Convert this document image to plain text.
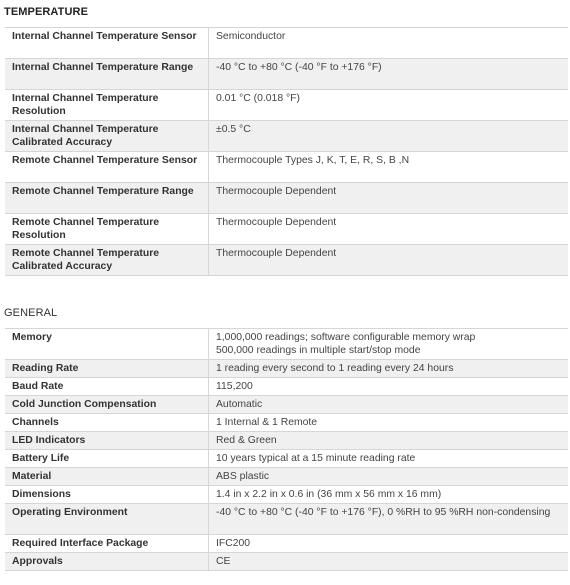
TEMPERATURE
Internal Channel Temperature Sensor	Semiconductor
Internal Channel Temperature Range	-40 °C to +80 °C (-40 °F to +176 °F)
Internal Channel Temperature Resolution	0.01 °C (0.018 °F)
Internal Channel Temperature Calibrated Accuracy	±0.5 °C
Remote Channel Temperature Sensor	Thermocouple Types J, K, T, E, R, S, B ,N
Remote Channel Temperature Range	Thermocouple Dependent
Remote Channel Temperature Resolution	Thermocouple Dependent
Remote Channel Temperature Calibrated Accuracy	Thermocouple Dependent
GENERAL
Memory	1,000,000 readings; software configurable memory wrap
500,000 readings in multiple start/stop mode

Reading Rate	1 reading every second to 1 reading every 24 hours
Baud Rate	115,200
Cold Junction Compensation	Automatic
Channels	1 Internal & 1 Remote
LED Indicators	Red & Green
Battery Life	10 years typical at a 15 minute reading rate
Material	ABS plastic
Dimensions	1.4 in x 2.2 in x 0.6 in (36 mm x 56 mm x 16 mm)
Operating Environment	-40 °C to +80 °C (-40 °F to +176 °F), 0 %RH to 95 %RH non-condensing
Required Interface Package	IFC200
Approvals	CE
